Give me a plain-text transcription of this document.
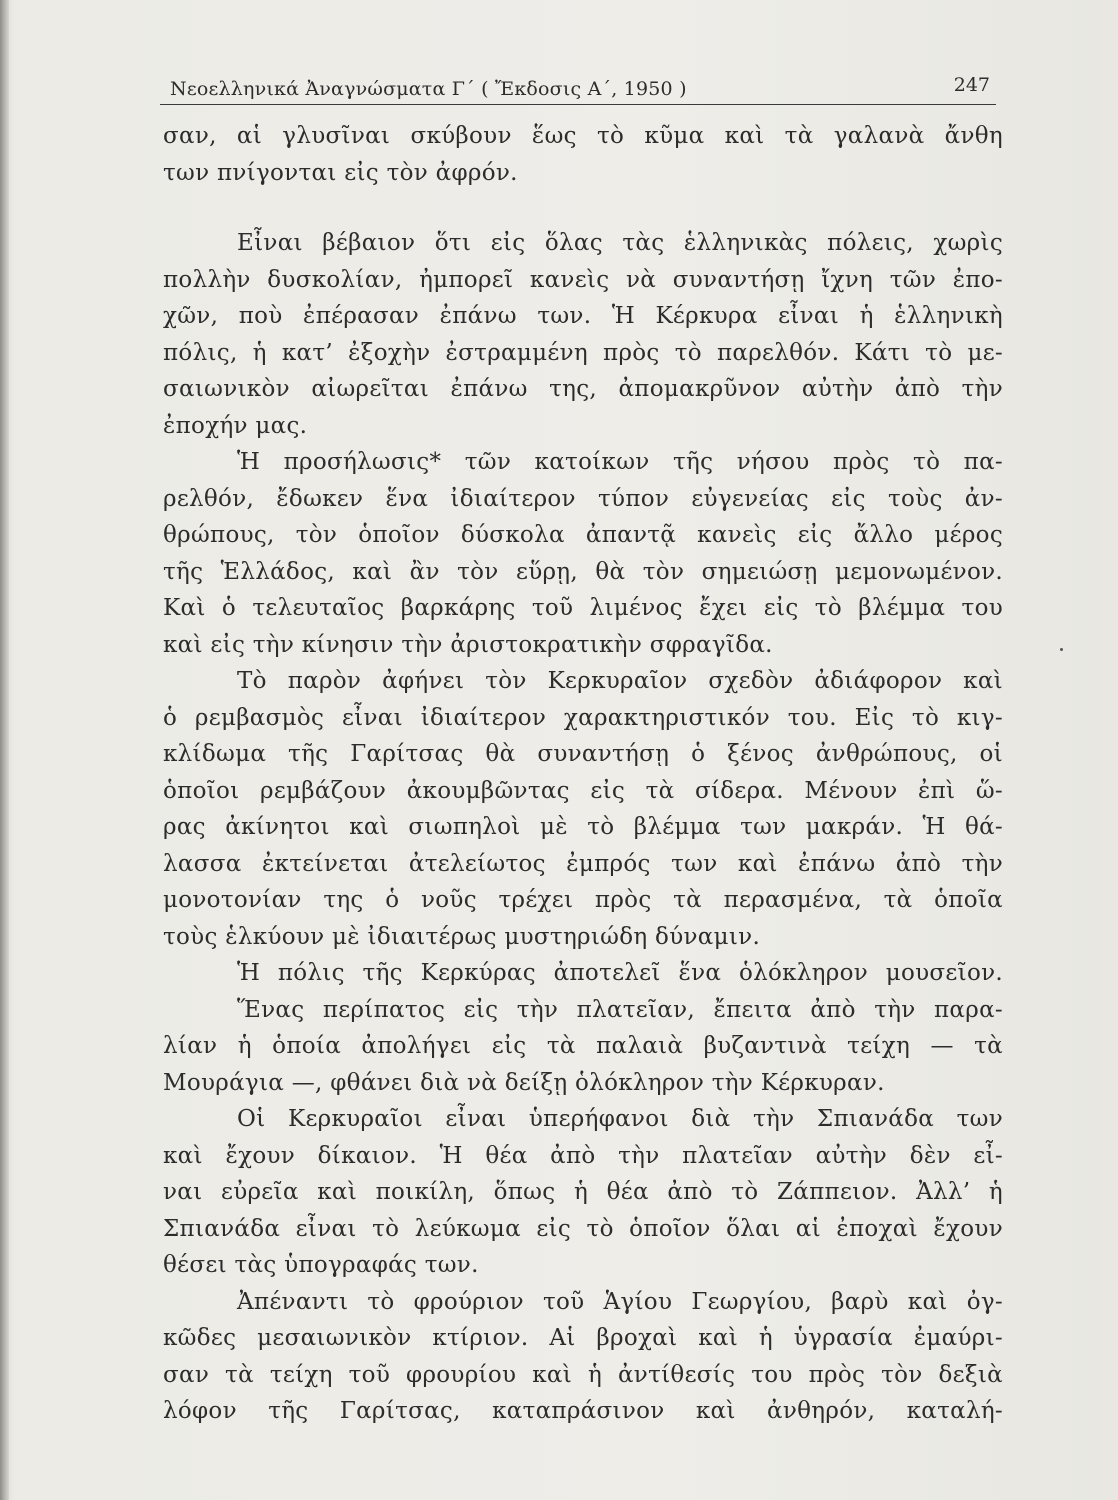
Νεοελληνικά Ἀναγνώσματα Γ΄ ( Ἔκδοσις Α΄, 1950 )	247
σαν, αἱ γλυσῖναι σκύβουν ἕως τὸ κῦμα καὶ τὰ γαλανὰ ἄνθη
των πνίγονται εἰς τὸν ἀφρόν.
Εἶναι βέβαιον ὅτι εἰς ὅλας τὰς ἑλληνικὰς πόλεις, χωρὶς
πολλὴν δυσκολίαν, ἠμπορεῖ κανεὶς νὰ συναντήσῃ ἴχνη τῶν ἐπο-
χῶν, ποὺ ἐπέρασαν ἐπάνω των. Ἡ Κέρκυρα εἶναι ἡ ἑλληνικὴ
πόλις, ἡ κατ’ ἐξοχὴν ἐστραμμένη πρὸς τὸ παρελθόν. Κάτι τὸ με-
σαιωνικὸν αἰωρεῖται ἐπάνω της, ἀπομακρῦνον αὐτὴν ἀπὸ τὴν
ἐποχήν μας.
Ἡ προσήλωσις* τῶν κατοίκων τῆς νήσου πρὸς τὸ πα-
ρελθόν, ἔδωκεν ἕνα ἰδιαίτερον τύπον εὐγενείας εἰς τοὺς ἀν-
θρώπους, τὸν ὁποῖον δύσκολα ἀπαντᾷ κανεὶς εἰς ἄλλο μέρος
τῆς Ἑλλάδος, καὶ ἂν τὸν εὕρῃ, θὰ τὸν σημειώσῃ μεμονωμένον.
Καὶ ὁ τελευταῖος βαρκάρης τοῦ λιμένος ἔχει εἰς τὸ βλέμμα του
καὶ εἰς τὴν κίνησιν τὴν ἀριστοκρατικὴν σφραγῖδα.
Τὸ παρὸν ἀφήνει τὸν Κερκυραῖον σχεδὸν ἀδιάφορον καὶ
ὁ ρεμβασμὸς εἶναι ἰδιαίτερον χαρακτηριστικόν του. Εἰς τὸ κιγ-
κλίδωμα τῆς Γαρίτσας θὰ συναντήσῃ ὁ ξένος ἀνθρώπους, οἱ
ὁποῖοι ρεμβάζουν ἀκουμβῶντας εἰς τὰ σίδερα. Μένουν ἐπὶ ὥ-
ρας ἀκίνητοι καὶ σιωπηλοὶ μὲ τὸ βλέμμα των μακράν. Ἡ θά-
λασσα ἐκτείνεται ἀτελείωτος ἐμπρός των καὶ ἐπάνω ἀπὸ τὴν
μονοτονίαν της ὁ νοῦς τρέχει πρὸς τὰ περασμένα, τὰ ὁποῖα
τοὺς ἑλκύουν μὲ ἰδιαιτέρως μυστηριώδη δύναμιν.
Ἡ πόλις τῆς Κερκύρας ἀποτελεῖ ἕνα ὁλόκληρον μουσεῖον.
Ἕνας περίπατος εἰς τὴν πλατεῖαν, ἔπειτα ἀπὸ τὴν παρα-
λίαν ἡ ὁποία ἀπολήγει εἰς τὰ παλαιὰ βυζαντινὰ τείχη — τὰ
Μουράγια —, φθάνει διὰ νὰ δείξῃ ὁλόκληρον τὴν Κέρκυραν.
Οἱ Κερκυραῖοι εἶναι ὑπερήφανοι διὰ τὴν Σπιανάδα των
καὶ ἔχουν δίκαιον. Ἡ θέα ἀπὸ τὴν πλατεῖαν αὐτὴν δὲν εἶ-
ναι εὐρεῖα καὶ ποικίλη, ὅπως ἡ θέα ἀπὸ τὸ Ζάππειον. Ἀλλ’ ἡ
Σπιανάδα εἶναι τὸ λεύκωμα εἰς τὸ ὁποῖον ὅλαι αἱ ἐποχαὶ ἔχουν
θέσει τὰς ὑπογραφάς των.
Ἀπέναντι τὸ φρούριον τοῦ Ἁγίου Γεωργίου, βαρὺ καὶ ὀγ-
κῶδες μεσαιωνικὸν κτίριον. Αἱ βροχαὶ καὶ ἡ ὑγρασία ἐμαύρι-
σαν τὰ τείχη τοῦ φρουρίου καὶ ἡ ἀντίθεσίς του πρὸς τὸν δεξιὰ
λόφον τῆς Γαρίτσας, καταπράσινον καὶ ἀνθηρόν, καταλή-
